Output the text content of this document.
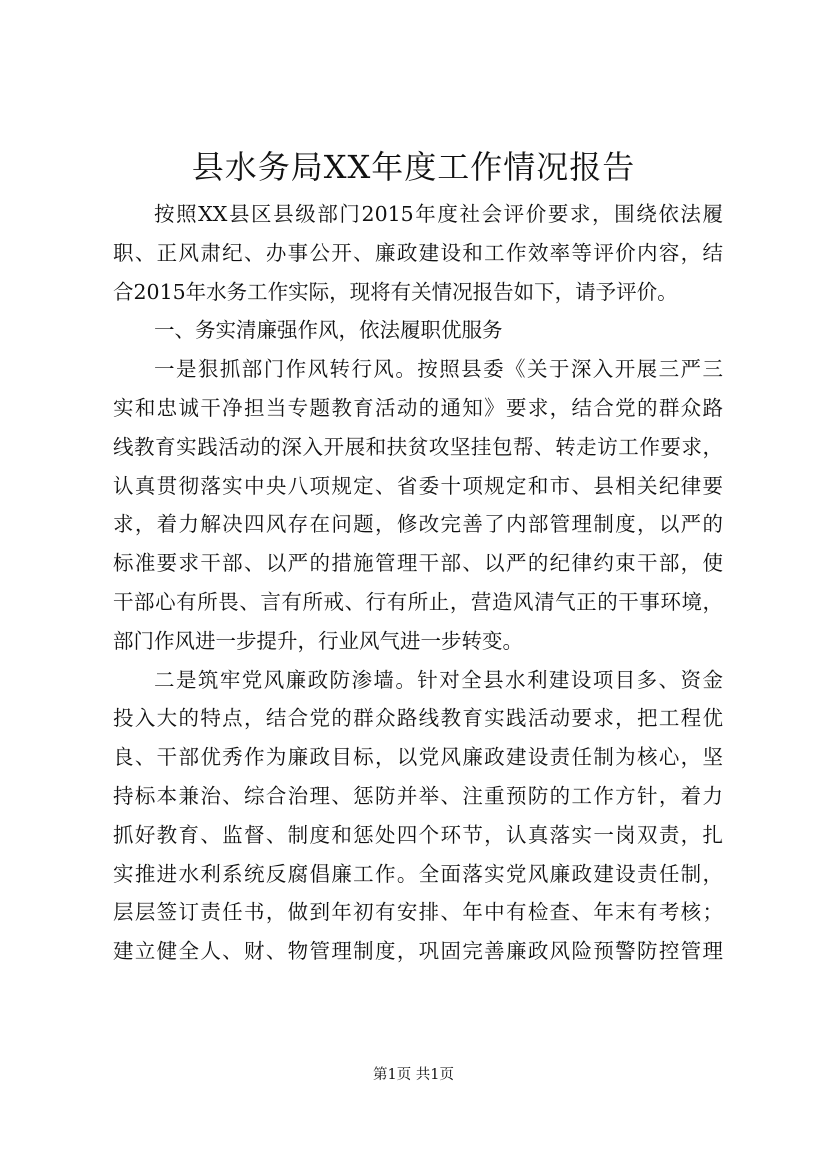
县水务局XX年度工作情况报告
按照XX县区县级部门2015年度社会评价要求，围绕依法履
职、正风肃纪、办事公开、廉政建设和工作效率等评价内容，结
合2015年水务工作实际，现将有关情况报告如下，请予评价。
一、务实清廉强作风，依法履职优服务
一是狠抓部门作风转行风。按照县委《关于深入开展三严三
实和忠诚干净担当专题教育活动的通知》要求，结合党的群众路
线教育实践活动的深入开展和扶贫攻坚挂包帮、转走访工作要求，
认真贯彻落实中央八项规定、省委十项规定和市、县相关纪律要
求，着力解决四风存在问题，修改完善了内部管理制度，以严的
标准要求干部、以严的措施管理干部、以严的纪律约束干部，使
干部心有所畏、言有所戒、行有所止，营造风清气正的干事环境，
部门作风进一步提升，行业风气进一步转变。
二是筑牢党风廉政防渗墙。针对全县水利建设项目多、资金
投入大的特点，结合党的群众路线教育实践活动要求，把工程优
良、干部优秀作为廉政目标，以党风廉政建设责任制为核心，坚
持标本兼治、综合治理、惩防并举、注重预防的工作方针，着力
抓好教育、监督、制度和惩处四个环节，认真落实一岗双责，扎
实推进水利系统反腐倡廉工作。全面落实党风廉政建设责任制，
层层签订责任书，做到年初有安排、年中有检查、年末有考核；
建立健全人、财、物管理制度，巩固完善廉政风险预警防控管理
第1页 共1页
